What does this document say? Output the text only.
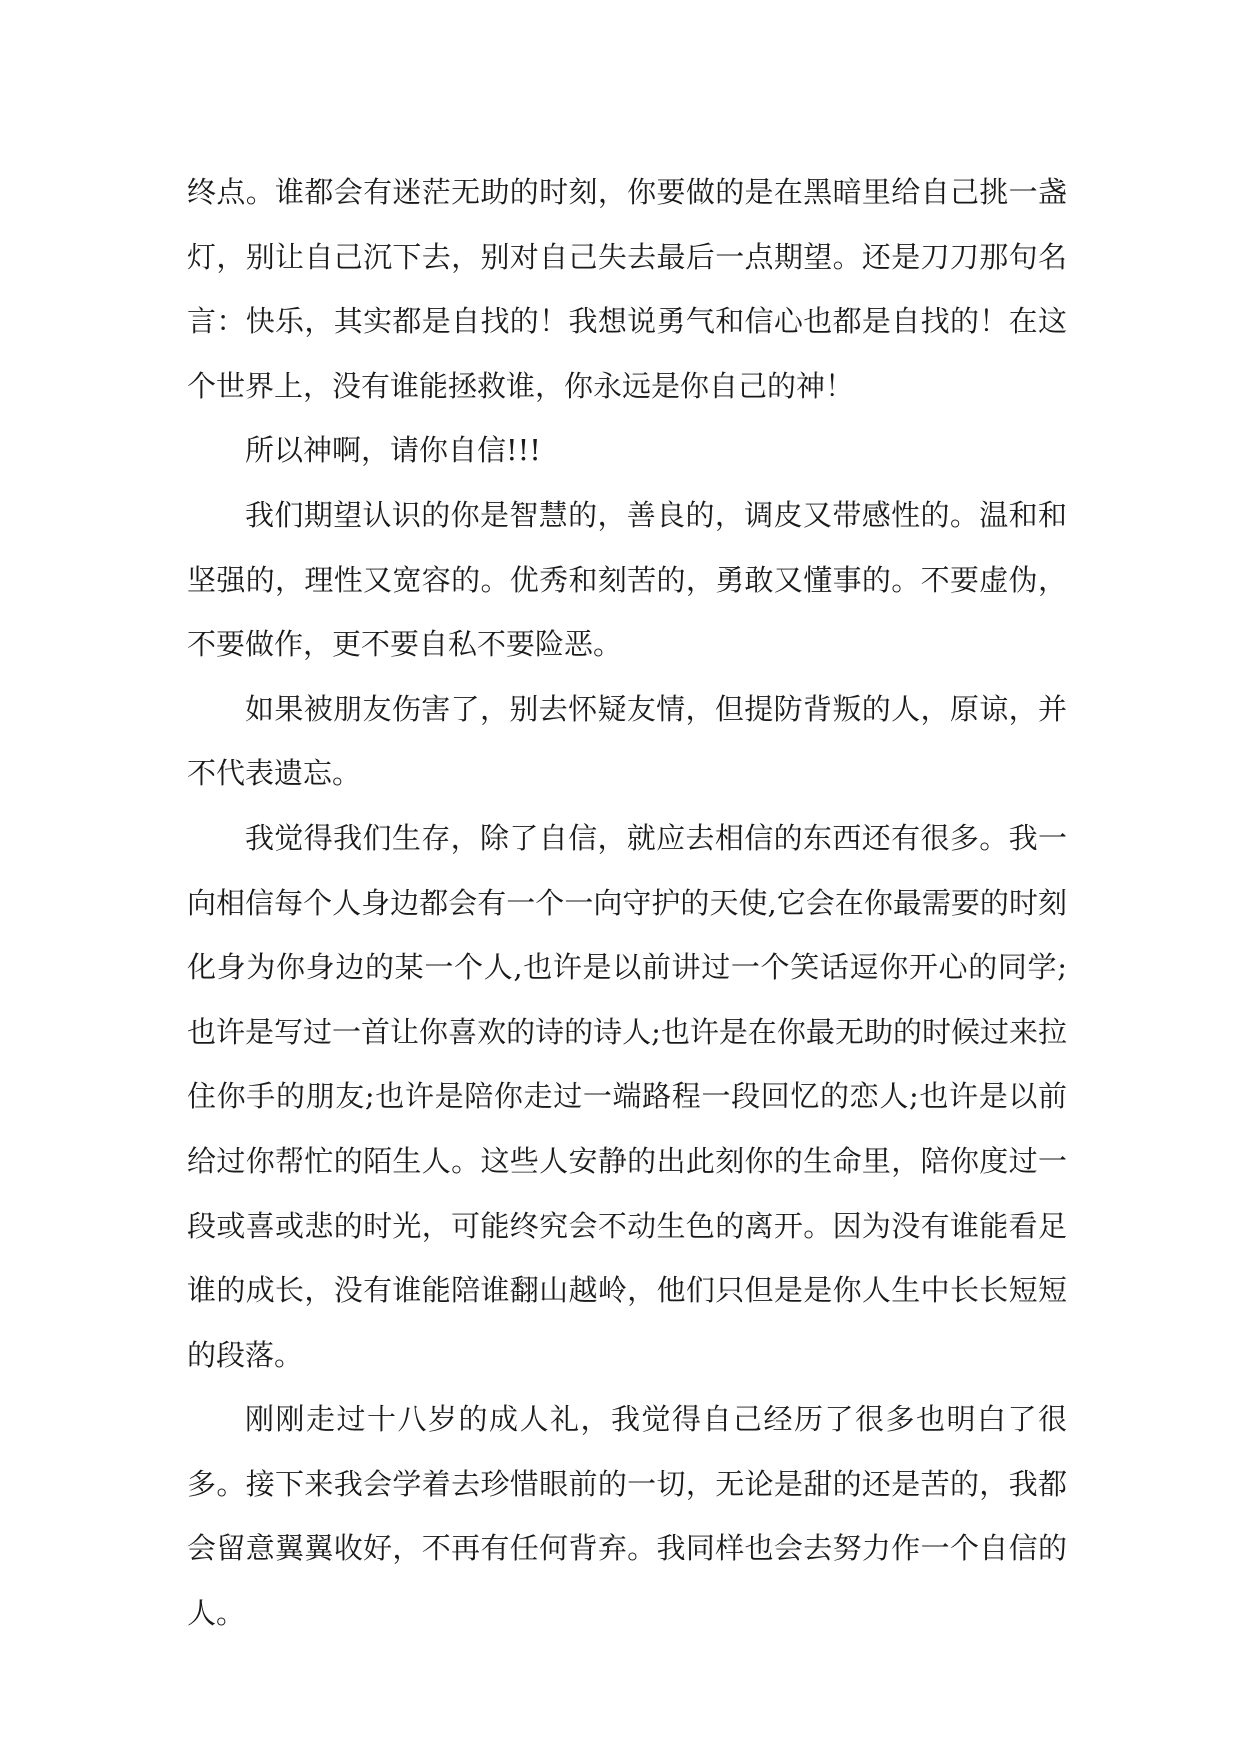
终点。谁都会有迷茫无助的时刻，你要做的是在黑暗里给自己挑一盏灯，别让自己沉下去，别对自己失去最后一点期望。还是刀刀那句名言：快乐，其实都是自找的！我想说勇气和信心也都是自找的！在这个世界上，没有谁能拯救谁，你永远是你自己的神！

所以神啊，请你自信!!!

我们期望认识的你是智慧的，善良的，调皮又带感性的。温和和坚强的，理性又宽容的。优秀和刻苦的，勇敢又懂事的。不要虚伪，不要做作，更不要自私不要险恶。

如果被朋友伤害了，别去怀疑友情，但提防背叛的人，原谅，并不代表遗忘。

我觉得我们生存，除了自信，就应去相信的东西还有很多。我一向相信每个人身边都会有一个一向守护的天使,它会在你最需要的时刻化身为你身边的某一个人,也许是以前讲过一个笑话逗你开心的同学;也许是写过一首让你喜欢的诗的诗人;也许是在你最无助的时候过来拉住你手的朋友;也许是陪你走过一端路程一段回忆的恋人;也许是以前给过你帮忙的陌生人。这些人安静的出此刻你的生命里，陪你度过一段或喜或悲的时光，可能终究会不动生色的离开。因为没有谁能看足谁的成长，没有谁能陪谁翻山越岭，他们只但是是你人生中长长短短的段落。

刚刚走过十八岁的成人礼，我觉得自己经历了很多也明白了很多。接下来我会学着去珍惜眼前的一切，无论是甜的还是苦的，我都会留意翼翼收好，不再有任何背弃。我同样也会去努力作一个自信的人。
